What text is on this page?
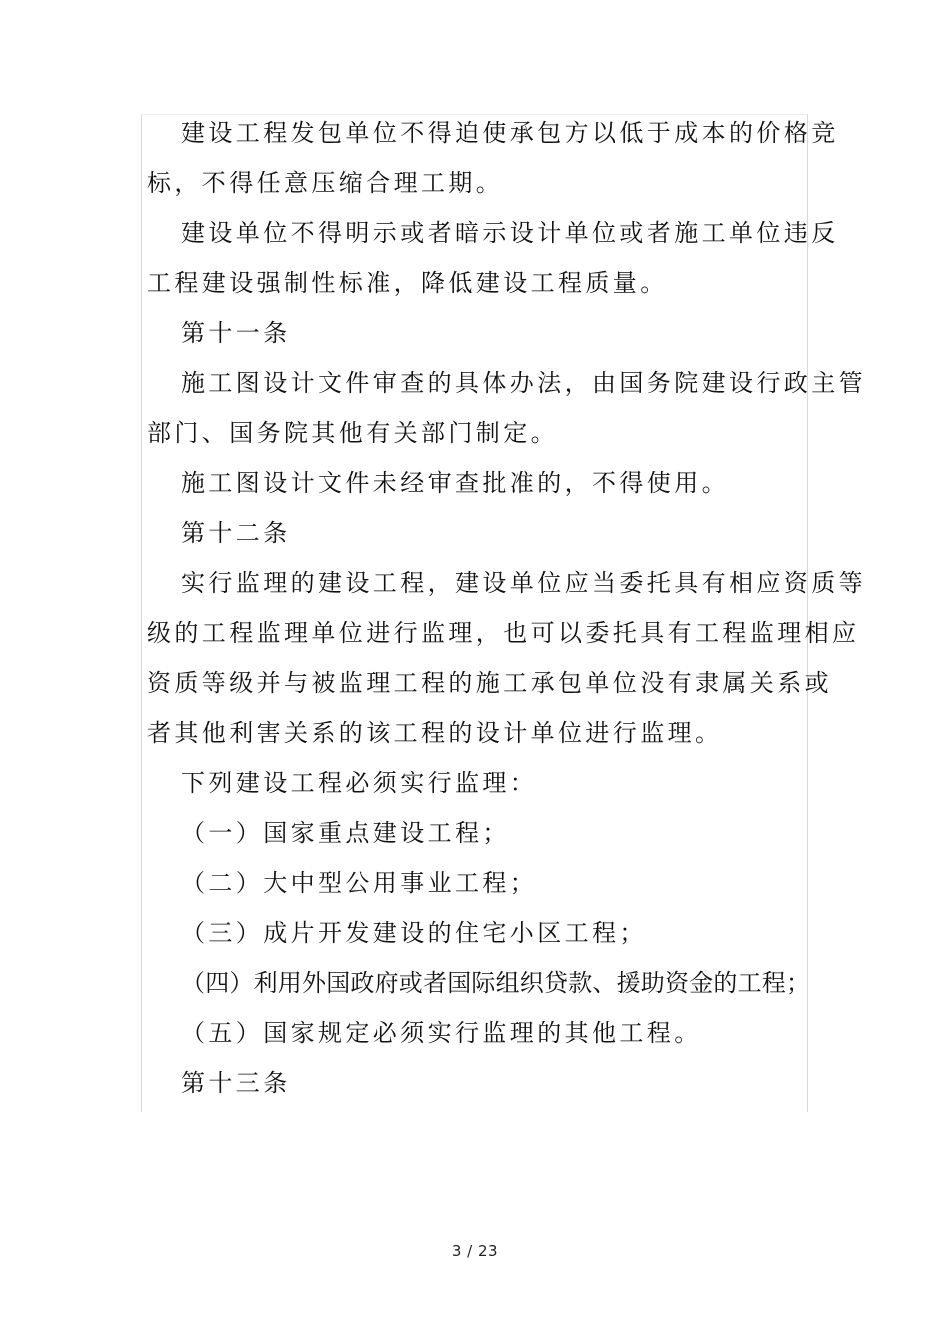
建设工程发包单位不得迫使承包方以低于成本的价格竞
标，不得任意压缩合理工期。

建设单位不得明示或者暗示设计单位或者施工单位违反
工程建设强制性标准，降低建设工程质量。

第十一条

施工图设计文件审查的具体办法，由国务院建设行政主管
部门、国务院其他有关部门制定。

施工图设计文件未经审查批准的，不得使用。

第十二条

实行监理的建设工程，建设单位应当委托具有相应资质等
级的工程监理单位进行监理，也可以委托具有工程监理相应
资质等级并与被监理工程的施工承包单位没有隶属关系或
者其他利害关系的该工程的设计单位进行监理。

下列建设工程必须实行监理：

（一）国家重点建设工程；

（二）大中型公用事业工程；

（三）成片开发建设的住宅小区工程；

（四）利用外国政府或者国际组织贷款、援助资金的工程；

（五）国家规定必须实行监理的其他工程。

第十三条

3 / 23
